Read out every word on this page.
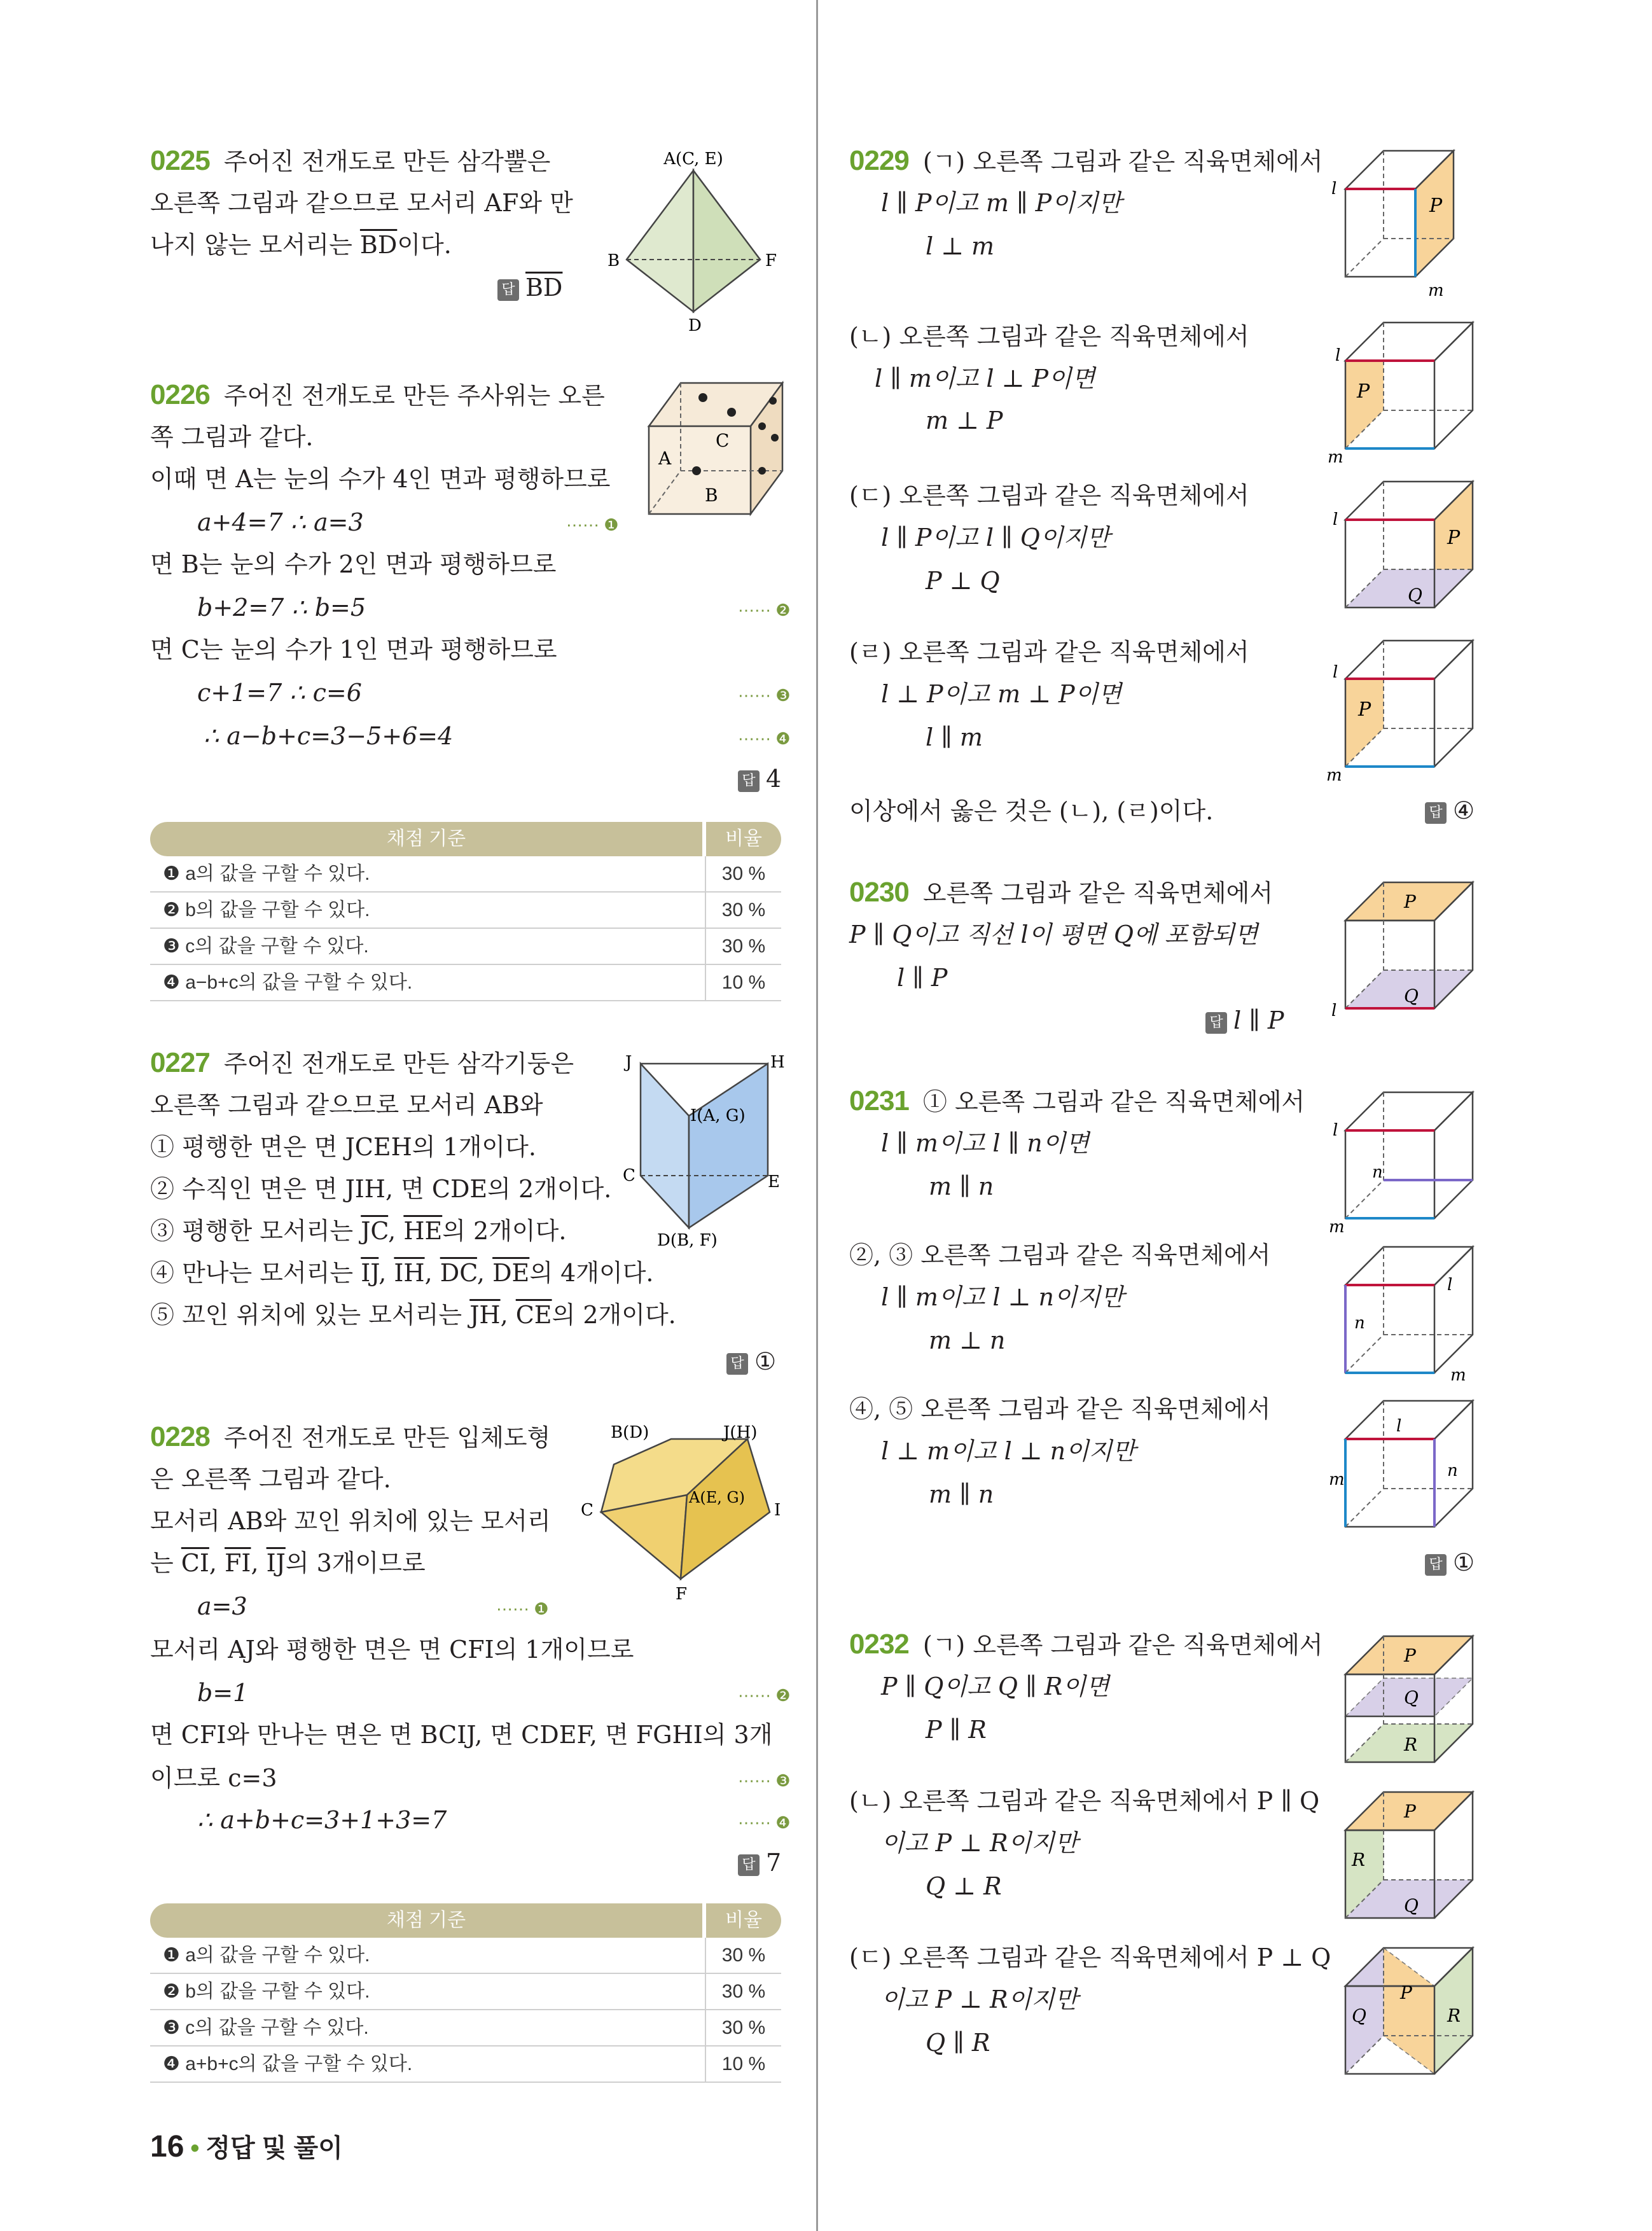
0225 주어진 전개도로 만든 삼각뿔은
오른쪽 그림과 같으므로 모서리 AF와 만
나지 않는 모서리는 $\overline{BD}$이다.
답 $\overline{BD}$
A(C, E)
B	F
D
0226 주어진 전개도로 만든 주사위는 오른
쪽 그림과 같다.
이때 면 A는 눈의 수가 4인 면과 평행하므로
a+4=7 ∴ a=3	⋯⋯ ❶
면 B는 눈의 수가 2인 면과 평행하므로
b+2=7 ∴ b=5	⋯⋯ ❷
면 C는 눈의 수가 1인 면과 평행하므로
c+1=7 ∴ c=6	⋯⋯ ❸
∴ a−b+c=3−5+6=4	⋯⋯ ❹
답 4
A
B
C
채점 기준	비율
❶ a의 값을 구할 수 있다.	30 %
❷ b의 값을 구할 수 있다.	30 %
❸ c의 값을 구할 수 있다.	30 %
❹ a−b+c의 값을 구할 수 있다.	10 %
0227 주어진 전개도로 만든 삼각기둥은
오른쪽 그림과 같으므로 모서리 AB와
① 평행한 면은 면 JCEH의 1개이다.
② 수직인 면은 면 JIH, 면 CDE의 2개이다.
③ 평행한 모서리는 $\overline{JC}$, $\overline{HE}$의 2개이다.
④ 만나는 모서리는 $\overline{IJ}$, $\overline{IH}$, $\overline{DC}$, $\overline{DE}$의 4개이다.
⑤ 꼬인 위치에 있는 모서리는 $\overline{JH}$, $\overline{CE}$의 2개이다.
답 ①
J	H
I(A, G)
C	E
D(B, F)
0228 주어진 전개도로 만든 입체도형
은 오른쪽 그림과 같다.
모서리 AB와 꼬인 위치에 있는 모서리
는 $\overline{CI}$, $\overline{FI}$, $\overline{IJ}$의 3개이므로
a=3	⋯⋯ ❶
모서리 AJ와 평행한 면은 면 CFI의 1개이므로
b=1	⋯⋯ ❷
면 CFI와 만나는 면은 면 BCIJ, 면 CDEF, 면 FGHI의 3개
이므로 c=3	⋯⋯ ❸
∴ a+b+c=3+1+3=7	⋯⋯ ❹
답 7
B(D)	J(H)
C
A(E, G)
I
F
채점 기준	비율
❶ a의 값을 구할 수 있다.	30 %
❷ b의 값을 구할 수 있다.	30 %
❸ c의 값을 구할 수 있다.	30 %
❹ a+b+c의 값을 구할 수 있다.	10 %
16 • 정답 및 풀이
0229 (ㄱ) 오른쪽 그림과 같은 직육면체에서
l ∥ P이고 m ∥ P이지만
l ⊥ m
(ㄴ) 오른쪽 그림과 같은 직육면체에서
l ∥ m이고 l ⊥ P이면
m ⊥ P
(ㄷ) 오른쪽 그림과 같은 직육면체에서
l ∥ P이고 l ∥ Q이지만
P ⊥ Q
(ㄹ) 오른쪽 그림과 같은 직육면체에서
l ⊥ P이고 m ⊥ P이면
l ∥ m
이상에서 옳은 것은 (ㄴ), (ㄹ)이다.	답 ④
l
P
m
l
P
m
l
P
Q
l
P
m
0230 오른쪽 그림과 같은 직육면체에서
P ∥ Q이고 직선 l이 평면 Q에 포함되면
l ∥ P
답 l ∥ P
P
Q
l
0231 ① 오른쪽 그림과 같은 직육면체에서
l ∥ m이고 l ∥ n이면
m ∥ n
②, ③ 오른쪽 그림과 같은 직육면체에서
l ∥ m이고 l ⊥ n이지만
m ⊥ n
④, ⑤ 오른쪽 그림과 같은 직육면체에서
l ⊥ m이고 l ⊥ n이지만
m ∥ n
답 ①
l
n
m
l
n
m
l
m	n
0232 (ㄱ) 오른쪽 그림과 같은 직육면체에서
P ∥ Q이고 Q ∥ R이면
P ∥ R
(ㄴ) 오른쪽 그림과 같은 직육면체에서 P ∥ Q
이고 P ⊥ R이지만
Q ⊥ R
(ㄷ) 오른쪽 그림과 같은 직육면체에서 P ⊥ Q
이고 P ⊥ R이지만
Q ∥ R
P
Q
R
P
R
Q
Q
P
R
